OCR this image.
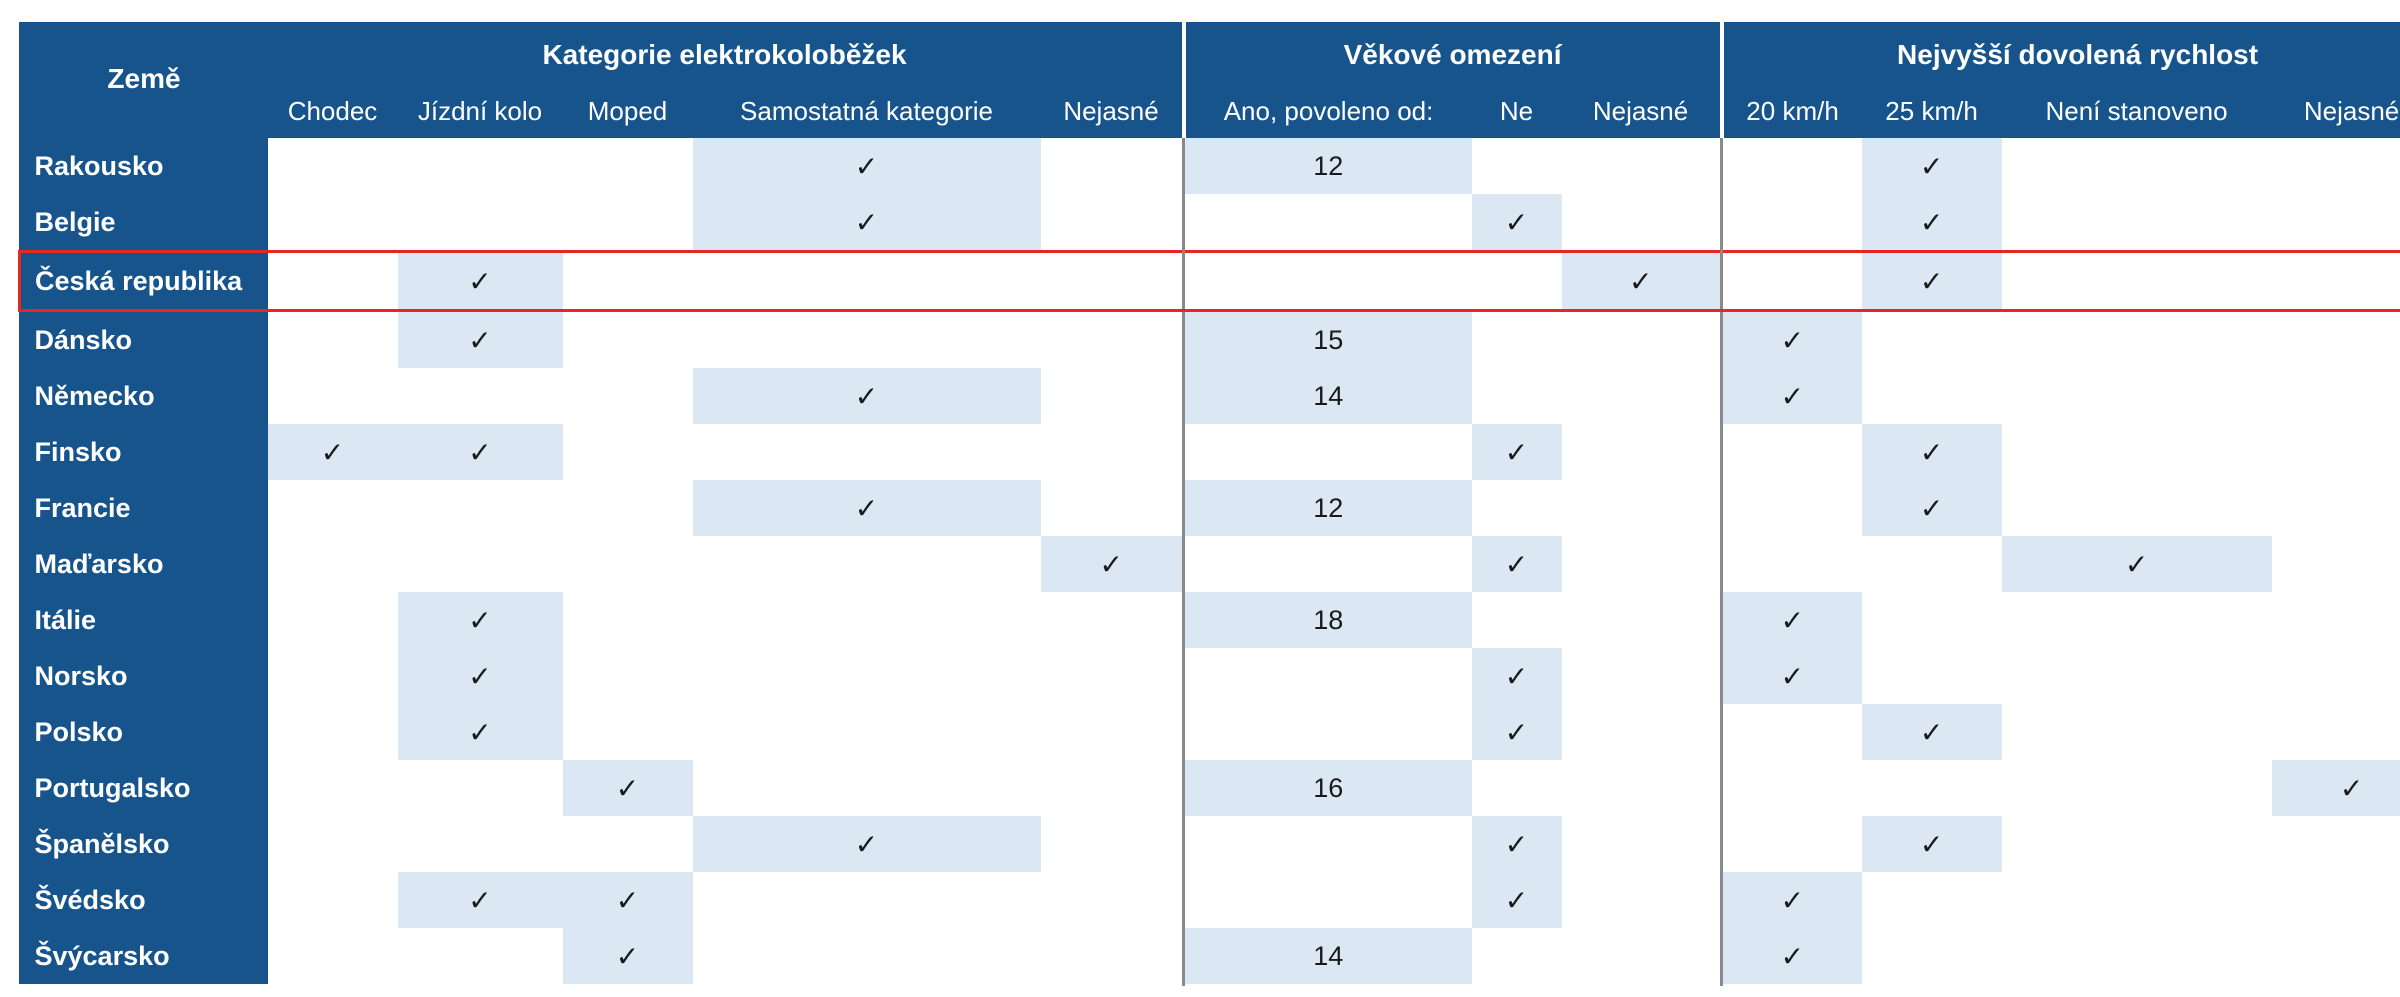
Země	Kategorie elektrokoloběžek					Věkové omezení			Nejvyšší dovolená rychlost			
	Chodec	Jízdní kolo	Moped	Samostatná kategorie	Nejasné	Ano, povoleno od:	Ne	Nejasné	20 km/h	25 km/h	Není stanoveno	Nejasné
Rakousko				✓		12				✓		
Belgie				✓			✓			✓		
Česká republika		✓						✓		✓		
Dánsko		✓				15			✓			
Německo				✓		14			✓			
Finsko	✓	✓					✓			✓		
Francie				✓		12				✓		
Maďarsko					✓		✓				✓	
Itálie		✓				18			✓			
Norsko		✓					✓		✓			
Polsko		✓					✓			✓		
Portugalsko			✓			16						✓
Španělsko				✓			✓			✓		
Švédsko		✓	✓				✓		✓			
Švýcarsko			✓			14			✓			
